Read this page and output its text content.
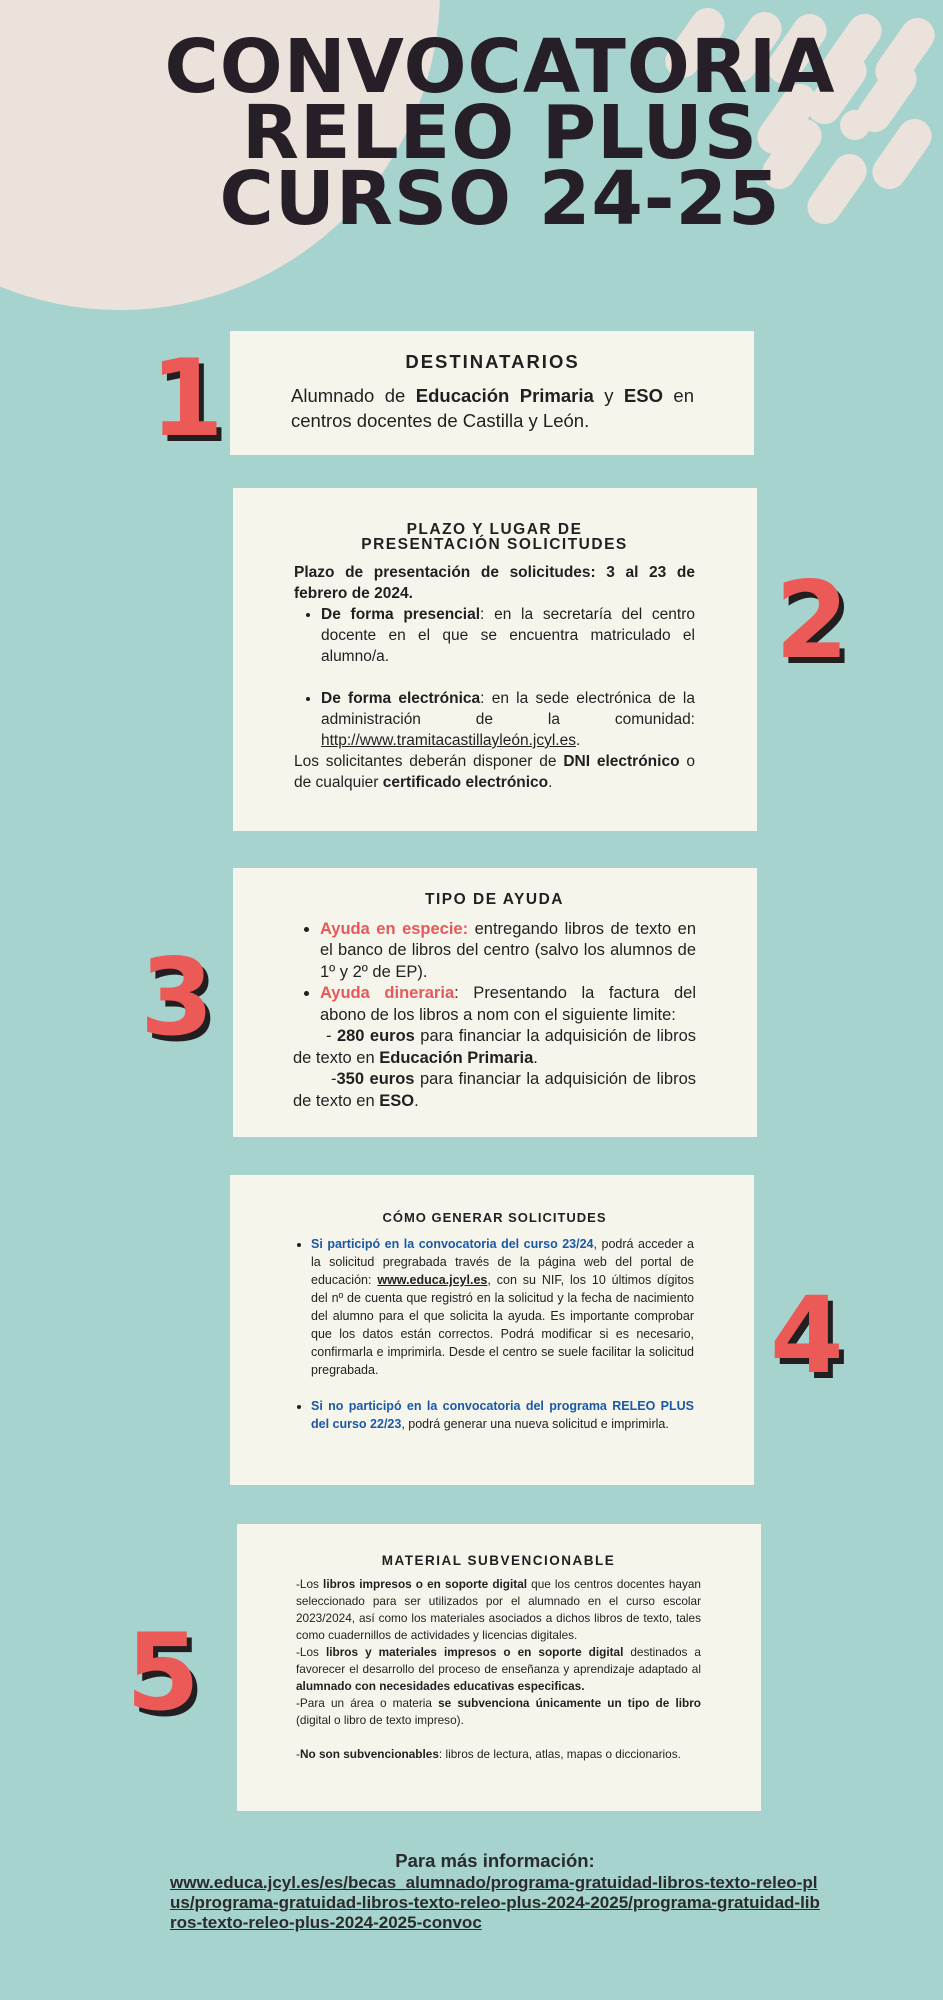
CONVOCATORIA
RELEO PLUS
CURSO 24-25
1
2
3
4
5
DESTINATARIOS
Alumnado de Educación Primaria y ESO en centros docentes de Castilla y León.
PLAZO Y LUGAR DE PRESENTACIÓN SOLICITUDES
Plazo de presentación de solicitudes: 3 al 23 de febrero de 2024.
• De forma presencial: en la secretaría del centro docente en el que se encuentra matriculado el alumno/a.
• De forma electrónica: en la sede electrónica de la administración de la comunidad: http://www.tramitacastillayleón.jcyl.es.
Los solicitantes deberán disponer de DNI electrónico o de cualquier certificado electrónico.
TIPO DE AYUDA
• Ayuda en especie: entregando libros de texto en el banco de libros del centro (salvo los alumnos de 1º y 2º de EP).
• Ayuda dineraria: Presentando la factura del abono de los libros a nom con el siguiente limite:
- 280 euros para financiar la adquisición de libros de texto en Educación Primaria.
-350 euros para financiar la adquisición de libros de texto en ESO.
CÓMO GENERAR SOLICITUDES
• Si participó en la convocatoria del curso 23/24, podrá acceder a la solicitud pregrabada través de la página web del portal de educación: www.educa.jcyl.es, con su NIF, los 10 últimos dígitos del nº de cuenta que registró en la solicitud y la fecha de nacimiento del alumno para el que solicita la ayuda. Es importante comprobar que los datos están correctos. Podrá modificar si es necesario, confirmarla e imprimirla. Desde el centro se suele facilitar la solicitud pregrabada.
• Si no participó en la convocatoria del programa RELEO PLUS del curso 22/23, podrá generar una nueva solicitud e imprimirla.
MATERIAL SUBVENCIONABLE
-Los libros impresos o en soporte digital que los centros docentes hayan seleccionado para ser utilizados por el alumnado en el curso escolar 2023/2024, así como los materiales asociados a dichos libros de texto, tales como cuadernillos de actividades y licencias digitales.
-Los libros y materiales impresos o en soporte digital destinados a favorecer el desarrollo del proceso de enseñanza y aprendizaje adaptado al alumnado con necesidades educativas especificas.
-Para un área o materia se subvenciona únicamente un tipo de libro (digital o libro de texto impreso).
-No son subvencionables: libros de lectura, atlas, mapas o diccionarios.
Para más información:
www.educa.jcyl.es/es/becas_alumnado/programa-gratuidad-libros-texto-releo-plus/programa-gratuidad-libros-texto-releo-plus-2024-2025/programa-gratuidad-libros-texto-releo-plus-2024-2025-convoc
